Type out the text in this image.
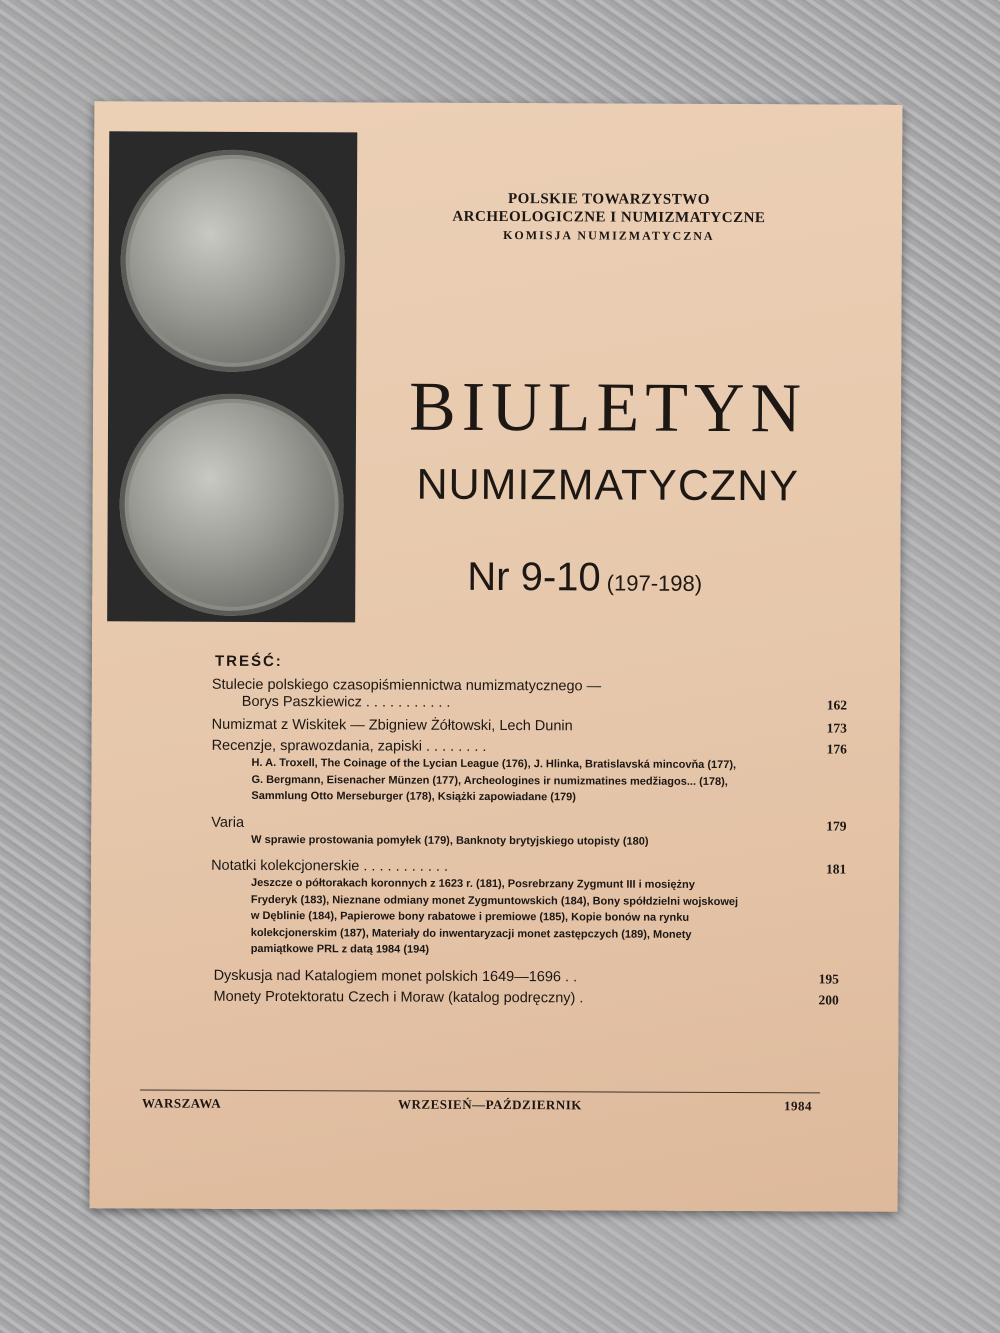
POLSKIE TOWARZYSTWO
ARCHEOLOGICZNE I NUMIZMATYCZNE
KOMISJA NUMIZMATYCZNA
BIULETYN
NUMIZMATYCZNY
Nr 9-10 (197-198)
TREŚĆ:
Stulecie polskiego czasopiśmiennictwa numizmatycznego —
Borys Paszkiewicz . . . . . . . . . . .	162
Numizmat z Wiskitek — Zbigniew Żółtowski, Lech Dunin	173
Recenzje, sprawozdania, zapiski . . . . . . . .	176
H. A. Troxell, The Coinage of the Lycian League (176), J. Hlinka, Bratislavská mincovňa (177), G. Bergmann, Eisenacher Münzen (177), Archeologines ir numizmatines medžiagos... (178), Sammlung Otto Merseburger (178), Książki zapowiadane (179)
Varia	179
W sprawie prostowania pomyłek (179), Banknoty brytyjskiego utopisty (180)
Notatki kolekcjonerskie . . . . . . . . . . .	181
Jeszcze o półtorakach koronnych z 1623 r. (181), Posrebrzany Zygmunt III i mosiężny Fryderyk (183), Nieznane odmiany monet Zygmuntowskich (184), Bony spółdzielni wojskowej w Dęblinie (184), Papierowe bony rabatowe i premiowe (185), Kopie bonów na rynku kolekcjonerskim (187), Materiały do inwentaryzacji monet zastępczych (189), Monety pamiątkowe PRL z datą 1984 (194)
Dyskusja nad Katalogiem monet polskich 1649—1696 . .	195
Monety Protektoratu Czech i Moraw (katalog podręczny) .	200
WARSZAWA	WRZESIEŃ—PAŹDZIERNIK	1984
